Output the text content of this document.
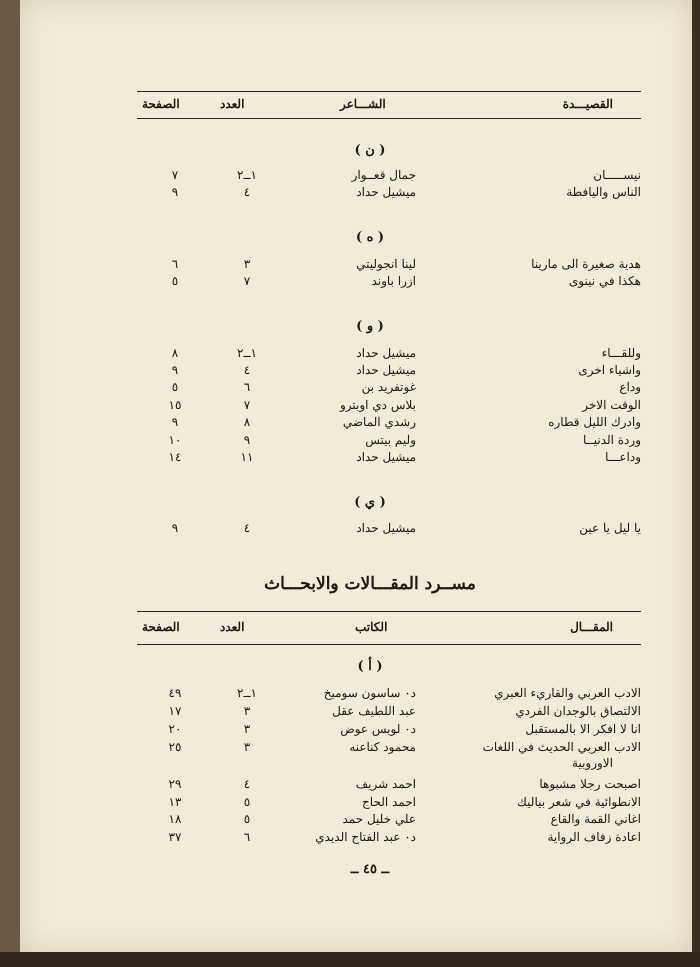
القصيـــدة
الشـــاعر
العدد
الصفحة
( ن )
نيســـــان
جمال قعــوار
١ــ٢
٧
الناس واليافطة
ميشيل حداد
٤
٩
( ه )
هدية صغيرة الى مارينا
لينا انجوليتي
٣
٦
هكذا في نينوى
ازرا باوند
٧
٥
( و )
وللقـــاء
ميشيل حداد
١ــ٢
٨
واشياء اخرى
ميشيل حداد
٤
٩
وداع
غوتفريد بن
٦
٥
الوقت الاخر
بلاس دي اوبترو
٧
١٥
وادرك الليل قطاره
رشدي الماضي
٨
٩
وردة الدنيــا
وليم بيتس
٩
١٠
وداعـــا
ميشيل حداد
١١
١٤
( ي )
يا ليل يا عين
ميشيل حداد
٤
٩
مســرد المقـــالات والابحـــاث
المقـــال
الكاتب
العدد
الصفحة
( أ )
الادب العربي والقاريء العبري
د٠ ساسون سوميخ
١ــ٢
٤٩
الالتصاق بالوجدان الفردي
عبد اللطيف عقل
٣
١٧
انا لا افكر الا بالمستقبل
د٠ لويس عوض
٣
٢٠
الادب العربي الحديث في اللغات
محمود كناعنه
٣
٢٥
الاوروبية
اصبحت رجلا مشبوها
احمد شريف
٤
٢٩
الانطوائية في شعر بياليك
احمد الحاج
٥
١٣
اغاني القمة والقاع
علي خليل حمد
٥
١٨
اعادة زفاف الرواية
د٠ عبد الفتاح الديدي
٦
٣٧
ــ ٤٥ ــ
